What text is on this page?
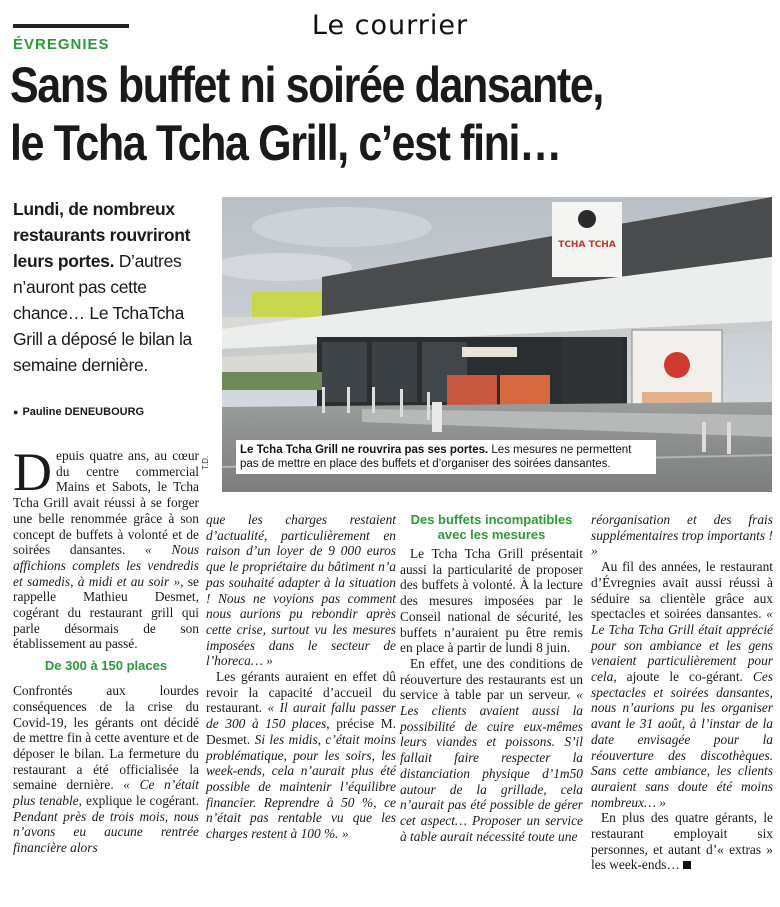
Le courrier
ÉVREGNIES
Sans buffet ni soirée dansante,
le Tcha Tcha Grill, c’est fini…
Lundi, de nombreux restaurants rouvriront leurs portes. D’autres n’auront pas cette chance… Le TchaTcha Grill a déposé le bilan la semaine dernière.
● Pauline DENEUBOURG
TCHA TCHA
Le Tcha Tcha Grill ne rouvrira pas ses portes. Les mesures ne permettent pas de mettre en place des buffets et d’organiser des soirées dansantes.
T.D.

Depuis quatre ans, au cœur du centre commercial Mains et Sabots, le Tcha Tcha Grill avait réussi à se forger une belle renommée grâce à son concept de buffets à volonté et de soirées dansantes. « Nous affichions complets les vendredis et samedis, à midi et au soir », se rappelle Mathieu Desmet, cogérant du restaurant grill qui parle désormais de son établissement au passé.

De 300 à 150 places

Confrontés aux lourdes conséquences de la crise du Covid-19, les gérants ont décidé de mettre fin à cette aventure et de déposer le bilan. La fermeture du restaurant a été officialisée la semaine dernière. « Ce n’était plus tenable, explique le cogérant. Pendant près de trois mois, nous n’avons eu aucune rentrée financière alors

que les charges restaient d’actualité, particulièrement en raison d’un loyer de 9 000 euros que le propriétaire du bâtiment n’a pas souhaité adapter à la situation ! Nous ne voyions pas comment nous aurions pu rebondir après cette crise, surtout vu les mesures imposées dans le secteur de l’horeca… »

Les gérants auraient en effet dû revoir la capacité d’accueil du restaurant. « Il aurait fallu passer de 300 à 150 places, précise M. Desmet. Si les midis, c’était moins problématique, pour les soirs, les week-ends, cela n’aurait plus été possible de maintenir l’équilibre financier. Reprendre à 50 %, ce n’était pas rentable vu que les charges restent à 100 %. »

Des buffets incompatibles avec les mesures

Le Tcha Tcha Grill présentait aussi la particularité de proposer des buffets à volonté. À la lecture des mesures imposées par le Conseil national de sécurité, les buffets n’auraient pu être remis en place à partir de lundi 8 juin.

En effet, une des conditions de réouverture des restaurants est un service à table par un serveur. « Les clients avaient aussi la possibilité de cuire eux-mêmes leurs viandes et poissons. S’il fallait faire respecter la distanciation physique d’1m50 autour de la grillade, cela n’aurait pas été possible de gérer cet aspect… Proposer un service à table aurait nécessité toute une

réorganisation et des frais supplémentaires trop importants ! »

Au fil des années, le restaurant d’Évregnies avait aussi réussi à séduire sa clientèle grâce aux spectacles et soirées dansantes. « Le Tcha Tcha Grill était apprécié pour son ambiance et les gens venaient particulièrement pour cela, ajoute le co-gérant. Ces spectacles et soirées dansantes, nous n’aurions pu les organiser avant le 31 août, à l’instar de la date envisagée pour la réouverture des discothèques. Sans cette ambiance, les clients auraient sans doute été moins nombreux… »

En plus des quatre gérants, le restaurant employait six personnes, et autant d’« extras » les week-ends…
